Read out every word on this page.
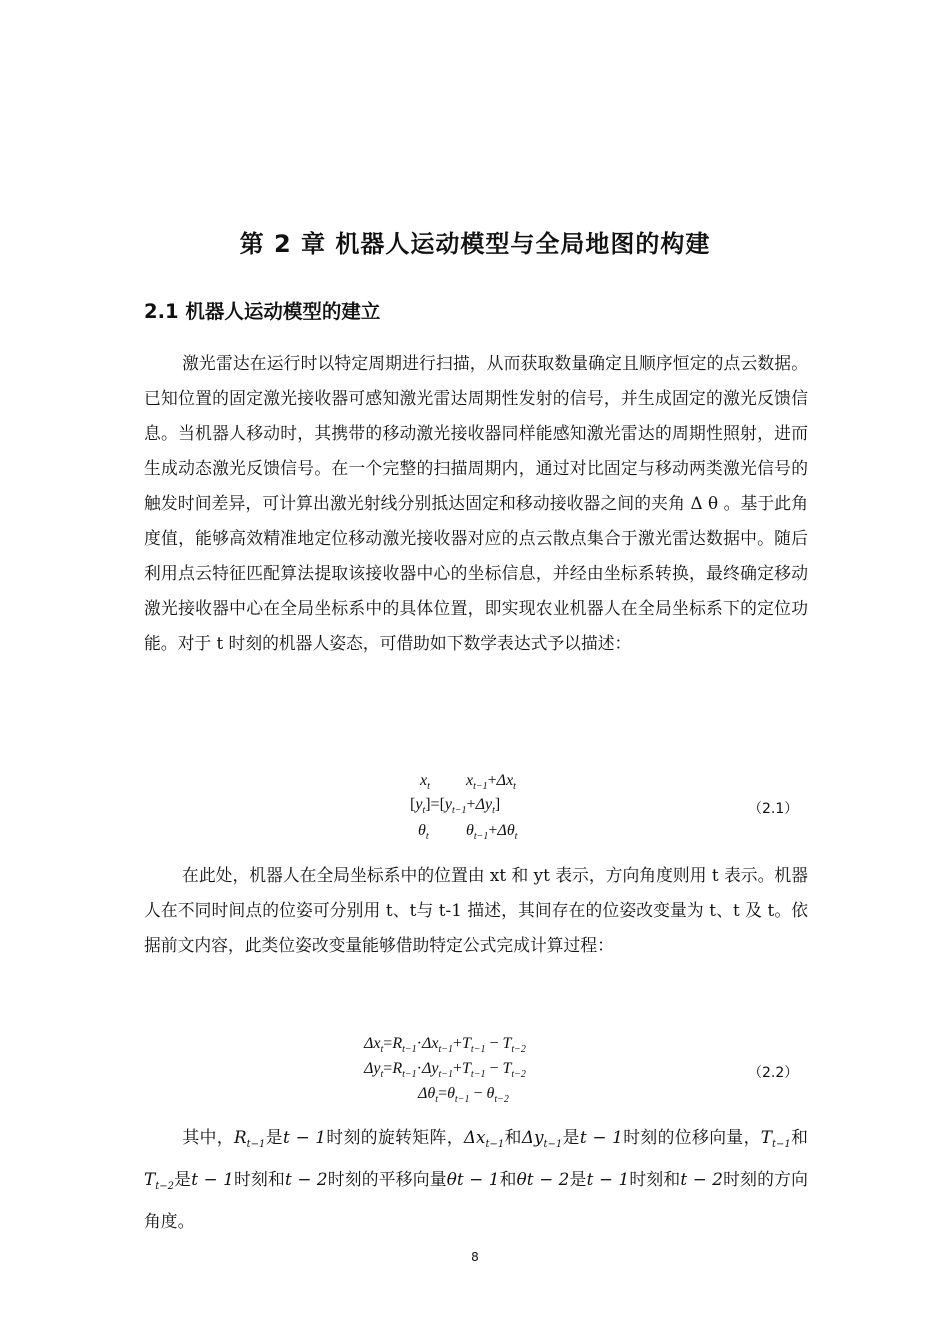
第 2 章 机器人运动模型与全局地图的构建
2.1 机器人运动模型的建立
激光雷达在运行时以特定周期进行扫描，从而获取数量确定且顺序恒定的点云数据。已知位置的固定激光接收器可感知激光雷达周期性发射的信号，并生成固定的激光反馈信息。当机器人移动时，其携带的移动激光接收器同样能感知激光雷达的周期性照射，进而生成动态激光反馈信号。在一个完整的扫描周期内，通过对比固定与移动两类激光信号的触发时间差异，可计算出激光射线分别抵达固定和移动接收器之间的夹角 Δ θ 。基于此角度值，能够高效精准地定位移动激光接收器对应的点云散点集合于激光雷达数据中。随后利用点云特征匹配算法提取该接收器中心的坐标信息，并经由坐标系转换，最终确定移动激光接收器中心在全局坐标系中的具体位置，即实现农业机器人在全局坐标系下的定位功能。对于 t 时刻的机器人姿态，可借助如下数学表达式予以描述：
$x_t$ $x_{t-1}+\Delta x_t$
$[y_t]=[y_{t-1}+\Delta y_t]$
$\theta_t$ $\theta_{t-1}+\Delta\theta_t$
（2.1）
在此处，机器人在全局坐标系中的位置由 xt 和 yt 表示，方向角度则用 t 表示。机器人在不同时间点的位姿可分别用 t、t与 t-1 描述，其间存在的位姿改变量为 t、t 及 t。依据前文内容，此类位姿改变量能够借助特定公式完成计算过程：
$\Delta x_t=R_{t-1}\cdot\Delta x_{t-1}+T_{t-1} - T_{t-2}$
$\Delta y_t=R_{t-1}\cdot\Delta y_{t-1}+T_{t-1} - T_{t-2}$
$\Delta\theta_t=\theta_{t-1} - \theta_{t-2}$
（2.2）
其中，$R_{t-1}$是t − 1时刻的旋转矩阵，$\Delta x_{t-1}$和$\Delta y_{t-1}$是t − 1时刻的位移向量，$T_{t-1}$和$T_{t-2}$是t − 1时刻和t − 2时刻的平移向量θt − 1和θt − 2是t − 1时刻和t − 2时刻的方向角度。
8
